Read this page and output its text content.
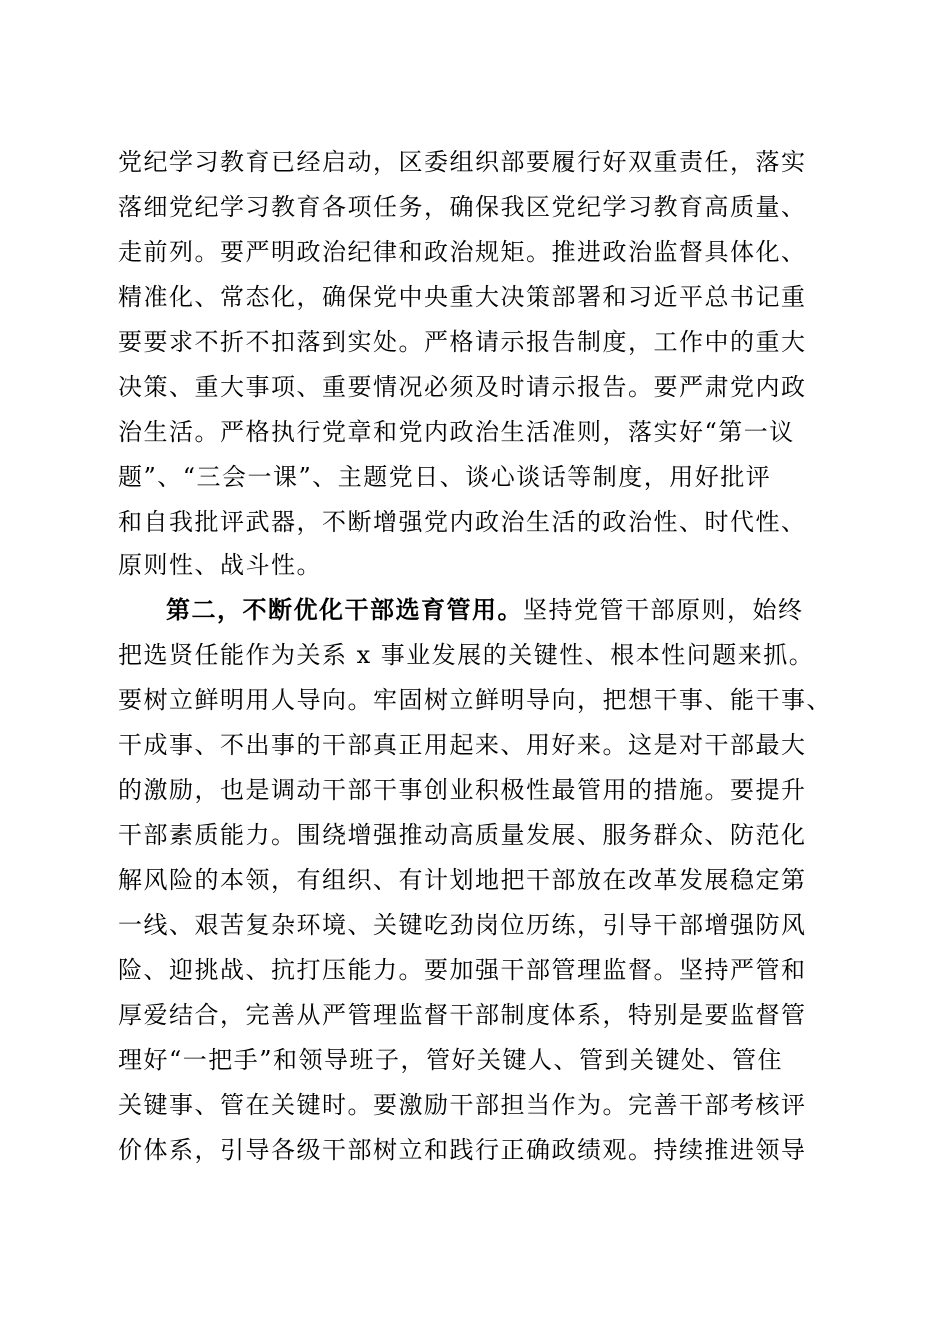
党纪学习教育已经启动，区委组织部要履行好双重责任，落实
落细党纪学习教育各项任务，确保我区党纪学习教育高质量、
走前列。要严明政治纪律和政治规矩。推进政治监督具体化、
精准化、常态化，确保党中央重大决策部署和习近平总书记重
要要求不折不扣落到实处。严格请示报告制度，工作中的重大
决策、重大事项、重要情况必须及时请示报告。要严肃党内政
治生活。严格执行党章和党内政治生活准则，落实好“第一议
题”、“三会一课”、主题党日、谈心谈话等制度，用好批评
和自我批评武器，不断增强党内政治生活的政治性、时代性、
原则性、战斗性。
第二，不断优化干部选育管用。坚持党管干部原则，始终
把选贤任能作为关系 x 事业发展的关键性、根本性问题来抓。
要树立鲜明用人导向。牢固树立鲜明导向，把想干事、能干事、
干成事、不出事的干部真正用起来、用好来。这是对干部最大
的激励，也是调动干部干事创业积极性最管用的措施。要提升
干部素质能力。围绕增强推动高质量发展、服务群众、防范化
解风险的本领，有组织、有计划地把干部放在改革发展稳定第
一线、艰苦复杂环境、关键吃劲岗位历练，引导干部增强防风
险、迎挑战、抗打压能力。要加强干部管理监督。坚持严管和
厚爱结合，完善从严管理监督干部制度体系，特别是要监督管
理好“一把手”和领导班子，管好关键人、管到关键处、管住
关键事、管在关键时。要激励干部担当作为。完善干部考核评
价体系，引导各级干部树立和践行正确政绩观。持续推进领导
